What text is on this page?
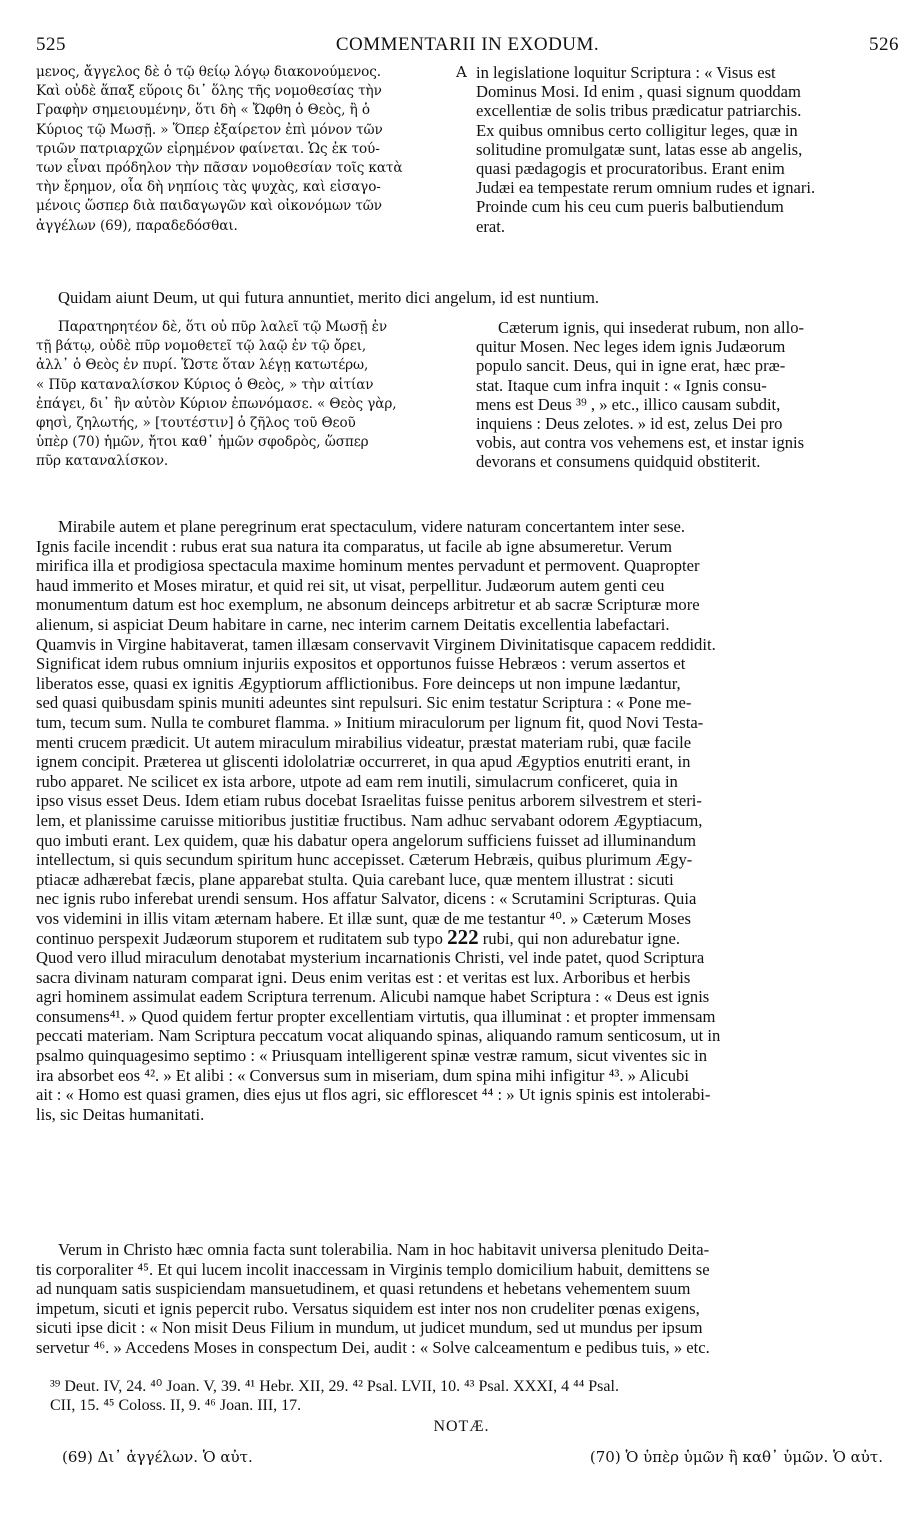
525	COMMENTARII IN EXODUM.	526
μενος, ἄγγελος δὲ ὁ τῷ θείῳ λόγῳ διακονούμενος.
Καὶ οὐδὲ ἅπαξ εὕροις δι᾽ ὅλης τῆς νομοθεσίας τὴν
Γραφὴν σημειουμένην, ὅτι δὴ « Ὤφθη ὁ Θεὸς, ἢ ὁ
Κύριος τῷ Μωσῇ. » Ὅπερ ἐξαίρετον ἐπὶ μόνον τῶν
τριῶν πατριαρχῶν εἰρημένον φαίνεται. Ὡς ἐκ τού-
των εἶναι πρόδηλον τὴν πᾶσαν νομοθεσίαν τοῖς κατὰ
τὴν ἔρημον, οἷα δὴ νηπίοις τὰς ψυχὰς, καὶ εἰσαγο-
μένοις ὥσπερ διὰ παιδαγωγῶν καὶ οἰκονόμων τῶν
ἀγγέλων (69), παραδεδόσθαι.
A in legislatione loquitur Scriptura : « Visus est
Dominus Mosi. Id enim , quasi signum quoddam
excellentiæ de solis tribus prædicatur patriarchis.
Ex quibus omnibus certo colligitur leges, quæ in
solitudine promulgatæ sunt, latas esse ab angelis,
quasi pædagogis et procuratoribus. Erant enim
Judæi ea tempestate rerum omnium rudes et ignari.
Proinde cum his ceu cum pueris balbutiendum
erat.
Quidam aiunt Deum, ut qui futura annuntiet, merito dici angelum, id est nuntium.
Παρατηρητέον δὲ, ὅτι οὐ πῦρ λαλεῖ τῷ Μωσῇ ἐν
τῇ βάτῳ, οὐδὲ πῦρ νομοθετεῖ τῷ λαῷ ἐν τῷ ὄρει,
ἀλλ᾽ ὁ Θεὸς ἐν πυρί. Ὥστε ὅταν λέγῃ κατωτέρω,
« Πῦρ καταναλίσκον Κύριος ὁ Θεὸς, » τὴν αἰτίαν
ἐπάγει, δι᾽ ἣν αὐτὸν Κύριον ἐπωνόμασε. « Θεὸς γὰρ,
φησὶ, ζηλωτής, » [τουτέστιν] ὁ ζῆλος τοῦ Θεοῦ
ὑπὲρ (70) ἡμῶν, ἤτοι καθ᾽ ἡμῶν σφοδρὸς, ὥσπερ
πῦρ καταναλίσκον.
Cæterum ignis, qui insederat rubum, non allo-
quitur Mosen. Nec leges idem ignis Judæorum
populo sancit. Deus, qui in igne erat, hæc præ-
stat. Itaque cum infra inquit : « Ignis consu-
mens est Deus ³⁹ , » etc., illico causam subdit,
inquiens : Deus zelotes. » id est, zelus Dei pro
vobis, aut contra vos vehemens est, et instar ignis
devorans et consumens quidquid obstiterit.
Mirabile autem et plane peregrinum erat spectaculum, videre naturam concertantem inter sese.
Ignis facile incendit : rubus erat sua natura ita comparatus, ut facile ab igne absumeretur. Verum
mirifica illa et prodigiosa spectacula maxime hominum mentes pervadunt et permovent. Quapropter
haud immerito et Moses miratur, et quid rei sit, ut visat, perpellitur. Judæorum autem genti ceu
monumentum datum est hoc exemplum, ne absonum deinceps arbitretur et ab sacræ Scripturæ more
alienum, si aspiciat Deum habitare in carne, nec interim carnem Deitatis excellentia labefactari.
Quamvis in Virgine habitaverat, tamen illæsam conservavit Virginem Divinitatisque capacem reddidit.
Significat idem rubus omnium injuriis expositos et opportunos fuisse Hebræos : verum assertos et
liberatos esse, quasi ex ignitis Ægyptiorum afflictionibus. Fore deinceps ut non impune lædantur,
sed quasi quibusdam spinis muniti adeuntes sint repulsuri. Sic enim testatur Scriptura : « Pone me-
tum, tecum sum. Nulla te comburet flamma. » Initium miraculorum per lignum fit, quod Novi Testa-
menti crucem prædicit. Ut autem miraculum mirabilius videatur, præstat materiam rubi, quæ facile
ignem concipit. Præterea ut gliscenti idololatriæ occurreret, in qua apud Ægyptios enutriti erant, in
rubo apparet. Ne scilicet ex ista arbore, utpote ad eam rem inutili, simulacrum conficeret, quia in
ipso visus esset Deus. Idem etiam rubus docebat Israelitas fuisse penitus arborem silvestrem et steri-
lem, et planissime caruisse mitioribus justitiæ fructibus. Nam adhuc servabant odorem Ægyptiacum,
quo imbuti erant. Lex quidem, quæ his dabatur opera angelorum sufficiens fuisset ad illuminandum
intellectum, si quis secundum spiritum hunc accepisset. Cæterum Hebræis, quibus plurimum Ægy-
ptiacæ adhærebat fæcis, plane apparebat stulta. Quia carebant luce, quæ mentem illustrat : sicuti
nec ignis rubo inferebat urendi sensum. Hos affatur Salvator, dicens : « Scrutamini Scripturas. Quia
vos videmini in illis vitam æternam habere. Et illæ sunt, quæ de me testantur ⁴⁰. » Cæterum Moses
continuo perspexit Judæorum stuporem et ruditatem sub typo 222 rubi, qui non adurebatur igne.
Quod vero illud miraculum denotabat mysterium incarnationis Christi, vel inde patet, quod Scriptura
sacra divinam naturam comparat igni. Deus enim veritas est : et veritas est lux. Arboribus et herbis
agri hominem assimulat eadem Scriptura terrenum. Alicubi namque habet Scriptura : « Deus est ignis
consumens⁴¹. » Quod quidem fertur propter excellentiam virtutis, qua illuminat : et propter immensam
peccati materiam. Nam Scriptura peccatum vocat aliquando spinas, aliquando ramum senticosum, ut in
psalmo quinquagesimo septimo : « Priusquam intelligerent spinæ vestræ ramum, sicut viventes sic in
ira absorbet eos ⁴². » Et alibi : « Conversus sum in miseriam, dum spina mihi infigitur ⁴³. » Alicubi
ait : « Homo est quasi gramen, dies ejus ut flos agri, sic efflorescet ⁴⁴ : » Ut ignis spinis est intolerabi-
lis, sic Deitas humanitati.
Verum in Christo hæc omnia facta sunt tolerabilia. Nam in hoc habitavit universa plenitudo Deita-
tis corporaliter ⁴⁵. Et qui lucem incolit inaccessam in Virginis templo domicilium habuit, demittens se
ad nunquam satis suspiciendam mansuetudinem, et quasi retundens et hebetans vehementem suum
impetum, sicuti et ignis pepercit rubo. Versatus siquidem est inter nos non crudeliter pœnas exigens,
sicuti ipse dicit : « Non misit Deus Filium in mundum, ut judicet mundum, sed ut mundus per ipsum
servetur ⁴⁶. » Accedens Moses in conspectum Dei, audit : « Solve calceamentum e pedibus tuis, » etc.
³⁹ Deut. IV, 24. ⁴⁰ Joan. V, 39. ⁴¹ Hebr. XII, 29. ⁴² Psal. LVII, 10. ⁴³ Psal. XXXI, 4 ⁴⁴ Psal.
CII, 15. ⁴⁵ Coloss. II, 9. ⁴⁶ Joan. III, 17.
NOTÆ.
(69) Δι᾽ ἀγγέλων. Ὁ αὐτ.	(70) Ὁ ὑπὲρ ὑμῶν ἢ καθ᾽ ὑμῶν. Ὁ αὐτ.
